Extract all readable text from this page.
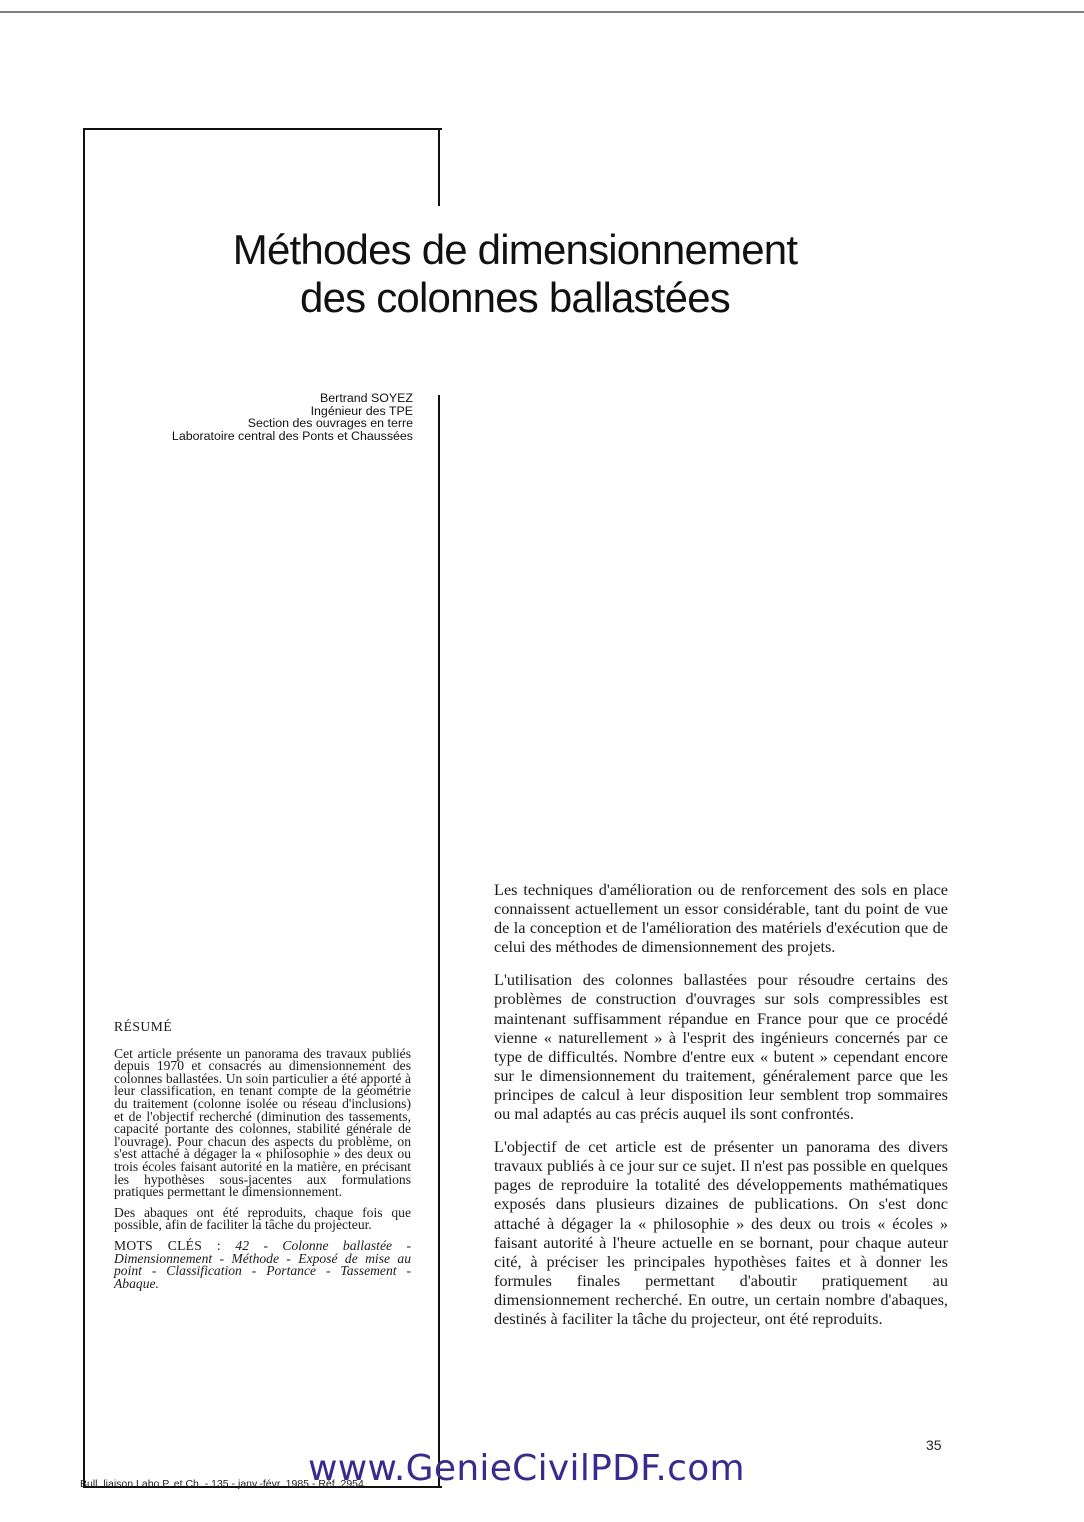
Méthodes de dimensionnement
des colonnes ballastées
Bertrand SOYEZ
Ingénieur des TPE
Section des ouvrages en terre
Laboratoire central des Ponts et Chaussées
RÉSUMÉ

Cet article présente un panorama des travaux publiés depuis 1970 et consacrés au dimensionnement des colonnes ballastées. Un soin particulier a été apporté à leur classification, en tenant compte de la géométrie du traitement (colonne isolée ou réseau d'inclusions) et de l'objectif recherché (diminution des tassements, capacité portante des colonnes, stabilité générale de l'ouvrage). Pour chacun des aspects du problème, on s'est attaché à dégager la « philosophie » des deux ou trois écoles faisant autorité en la matière, en précisant les hypothèses sous-jacentes aux formulations pratiques permettant le dimensionnement.

Des abaques ont été reproduits, chaque fois que possible, afin de faciliter la tâche du projecteur.

MOTS CLÉS : 42 - Colonne ballastée - Dimensionnement - Méthode - Exposé de mise au point - Classification - Portance - Tassement - Abaque.

Les techniques d'amélioration ou de renforcement des sols en place connaissent actuellement un essor considérable, tant du point de vue de la conception et de l'amélioration des matériels d'exécution que de celui des méthodes de dimensionnement des projets.

L'utilisation des colonnes ballastées pour résoudre certains des problèmes de construction d'ouvrages sur sols compressibles est maintenant suffisamment répandue en France pour que ce procédé vienne « naturellement » à l'esprit des ingénieurs concernés par ce type de difficultés. Nombre d'entre eux « butent » cependant encore sur le dimensionnement du traitement, généralement parce que les principes de calcul à leur disposition leur semblent trop sommaires ou mal adaptés au cas précis auquel ils sont confrontés.

L'objectif de cet article est de présenter un panorama des divers travaux publiés à ce jour sur ce sujet. Il n'est pas possible en quelques pages de reproduire la totalité des développements mathématiques exposés dans plusieurs dizaines de publications. On s'est donc attaché à dégager la « philosophie » des deux ou trois « écoles » faisant autorité à l'heure actuelle en se bornant, pour chaque auteur cité, à préciser les principales hypothèses faites et à donner les formules finales permettant d'aboutir pratiquement au dimensionnement recherché. En outre, un certain nombre d'abaques, destinés à faciliter la tâche du projecteur, ont été reproduits.

35
Bull. liaison Labo P. et Ch. - 135 - janv.-févr. 1985 - Réf. 2954
www.GenieCivilPDF.com
